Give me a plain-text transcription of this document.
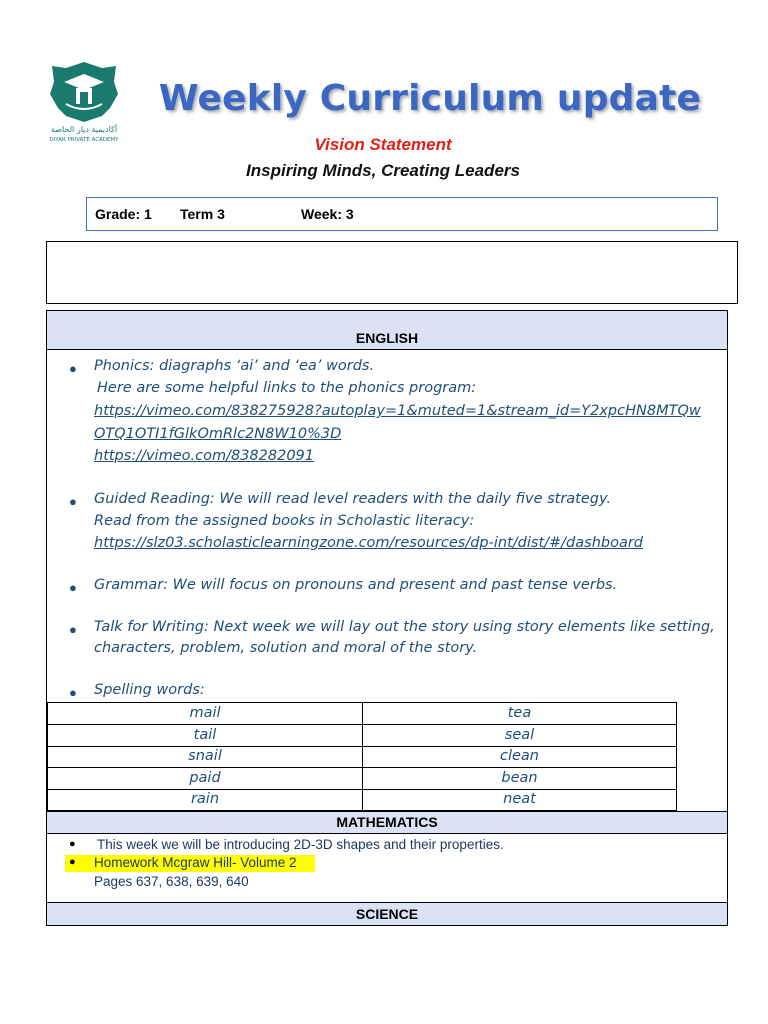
أكاديمية ديار الخاصة
DIYAR PRIVATE ACADEMY
Weekly Curriculum update
Vision Statement
Inspiring Minds, Creating Leaders
Grade: 1 Term 3	Week: 3
ENGLISH
● Phonics: diagraphs ‘ai’ and ‘ea’ words.
Here are some helpful links to the phonics program:
https://vimeo.com/838275928?autoplay=1&muted=1&stream_id=Y2xpcHN8MTQw
OTQ1OTI1fGlkOmRlc2N8W10%3D
https://vimeo.com/838282091
● Guided Reading: We will read level readers with the daily five strategy.
Read from the assigned books in Scholastic literacy:
https://slz03.scholasticlearningzone.com/resources/dp-int/dist/#/dashboard
● Grammar: We will focus on pronouns and present and past tense verbs.
● Talk for Writing: Next week we will lay out the story using story elements like setting,
characters, problem, solution and moral of the story.
● Spelling words:
mail	tea
tail	seal
snail	clean
paid	bean
rain	neat
MATHEMATICS
● This week we will be introducing 2D-3D shapes and their properties.
● Homework Mcgraw Hill- Volume 2
Pages 637, 638, 639, 640
SCIENCE
